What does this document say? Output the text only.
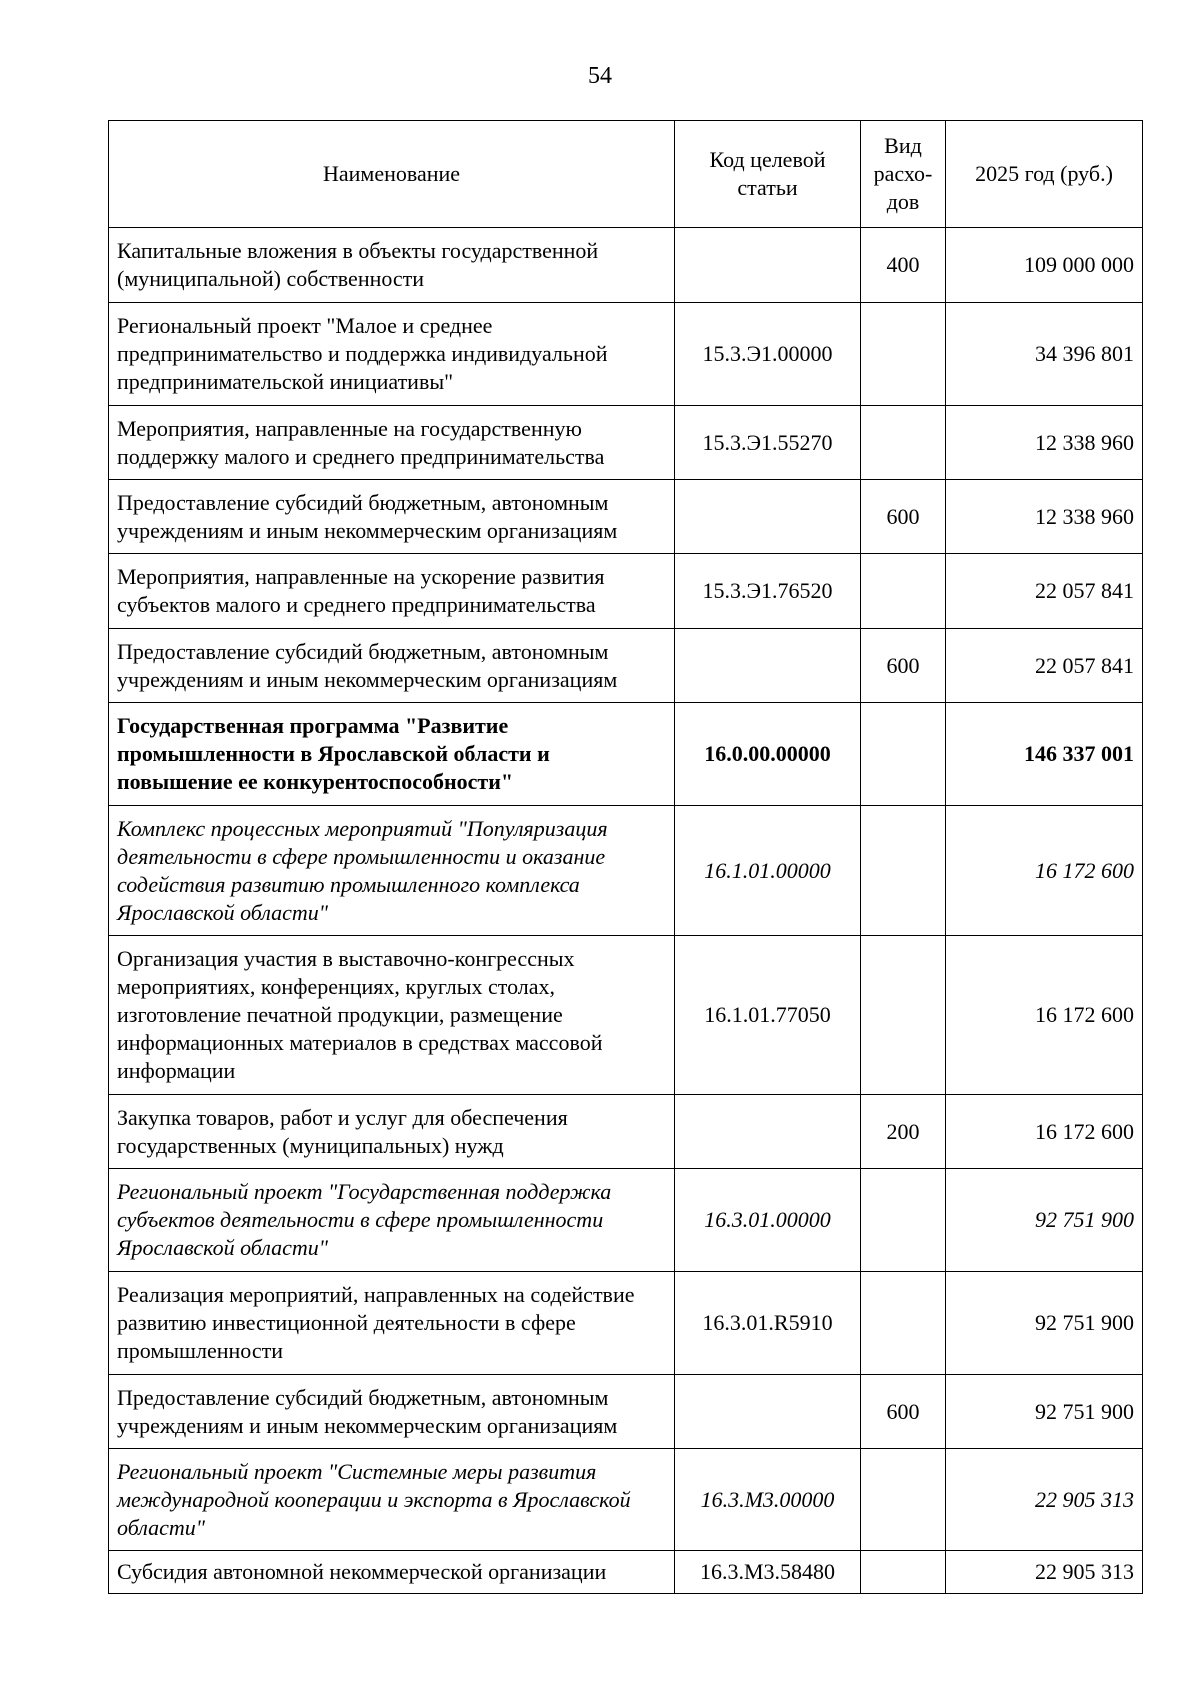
54
Наименование	Код целевой статьи	Вид расхо-дов	2025 год (руб.)
Капитальные вложения в объекты государственной (муниципальной) собственности		400	109 000 000
Региональный проект "Малое и среднее предпринимательство и поддержка индивидуальной предпринимательской инициативы"	15.3.Э1.00000		34 396 801
Мероприятия, направленные на государственную поддержку малого и среднего предпринимательства	15.3.Э1.55270		12 338 960
Предоставление субсидий бюджетным, автономным учреждениям и иным некоммерческим организациям		600	12 338 960
Мероприятия, направленные на ускорение развития субъектов малого и среднего предпринимательства	15.3.Э1.76520		22 057 841
Предоставление субсидий бюджетным, автономным учреждениям и иным некоммерческим организациям		600	22 057 841
Государственная программа "Развитие промышленности в Ярославской области и повышение ее конкурентоспособности"	16.0.00.00000		146 337 001
Комплекс процессных мероприятий "Популяризация деятельности в сфере промышленности и оказание содействия развитию промышленного комплекса Ярославской области"	16.1.01.00000		16 172 600
Организация участия в выставочно-конгрессных мероприятиях, конференциях, круглых столах, изготовление печатной продукции, размещение информационных материалов в средствах массовой информации	16.1.01.77050		16 172 600
Закупка товаров, работ и услуг для обеспечения государственных (муниципальных) нужд		200	16 172 600
Региональный проект "Государственная поддержка субъектов деятельности в сфере промышленности Ярославской области"	16.3.01.00000		92 751 900
Реализация мероприятий, направленных на содействие развитию инвестиционной деятельности в сфере промышленности	16.3.01.R5910		92 751 900
Предоставление субсидий бюджетным, автономным учреждениям и иным некоммерческим организациям		600	92 751 900
Региональный проект "Системные меры развития международной кооперации и экспорта в Ярославской области"	16.3.М3.00000		22 905 313
Субсидия автономной некоммерческой организации	16.3.М3.58480		22 905 313
